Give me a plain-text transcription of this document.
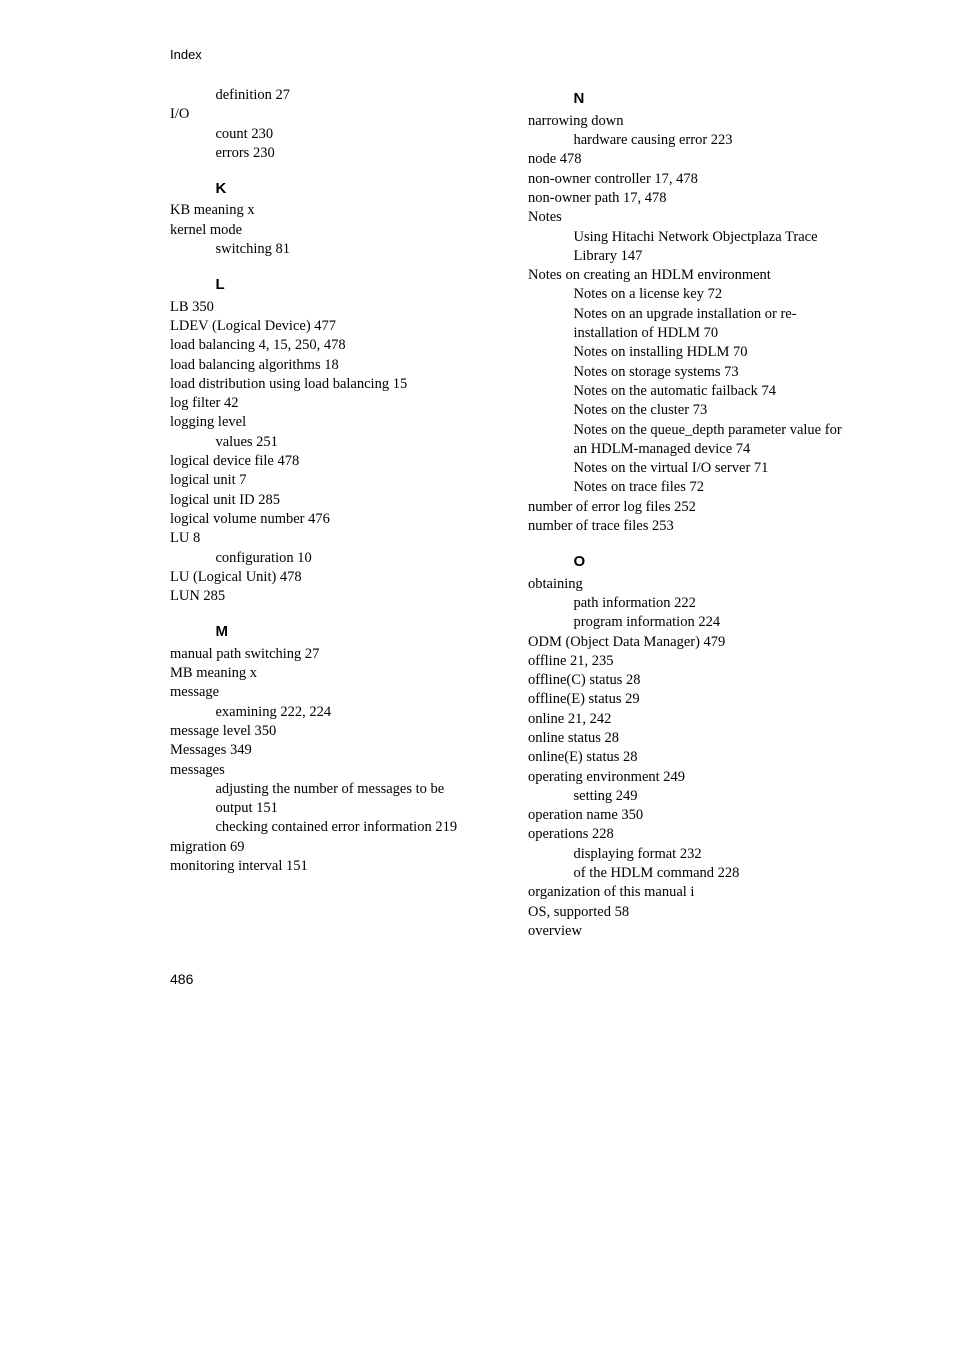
Index
definition 27
I/O
count 230
errors 230
K
KB meaning x
kernel mode
switching 81
L
LB 350
LDEV (Logical Device) 477
load balancing 4, 15, 250, 478
load balancing algorithms 18
load distribution using load balancing 15
log filter 42
logging level
values 251
logical device file 478
logical unit 7
logical unit ID 285
logical volume number 476
LU 8
configuration 10
LU (Logical Unit) 478
LUN 285
M
manual path switching 27
MB meaning x
message
examining 222, 224
message level 350
Messages 349
messages
adjusting the number of messages to be
output 151
checking contained error information 219
migration 69
monitoring interval 151
N
narrowing down
hardware causing error 223
node 478
non-owner controller 17, 478
non-owner path 17, 478
Notes
Using Hitachi Network Objectplaza Trace
Library 147
Notes on creating an HDLM environment
Notes on a license key 72
Notes on an upgrade installation or re-
installation of HDLM 70
Notes on installing HDLM 70
Notes on storage systems 73
Notes on the automatic failback 74
Notes on the cluster 73
Notes on the queue_depth parameter value for
an HDLM-managed device 74
Notes on the virtual I/O server 71
Notes on trace files 72
number of error log files 252
number of trace files 253
O
obtaining
path information 222
program information 224
ODM (Object Data Manager) 479
offline 21, 235
offline(C) status 28
offline(E) status 29
online 21, 242
online status 28
online(E) status 28
operating environment 249
setting 249
operation name 350
operations 228
displaying format 232
of the HDLM command 228
organization of this manual i
OS, supported 58
overview
486
